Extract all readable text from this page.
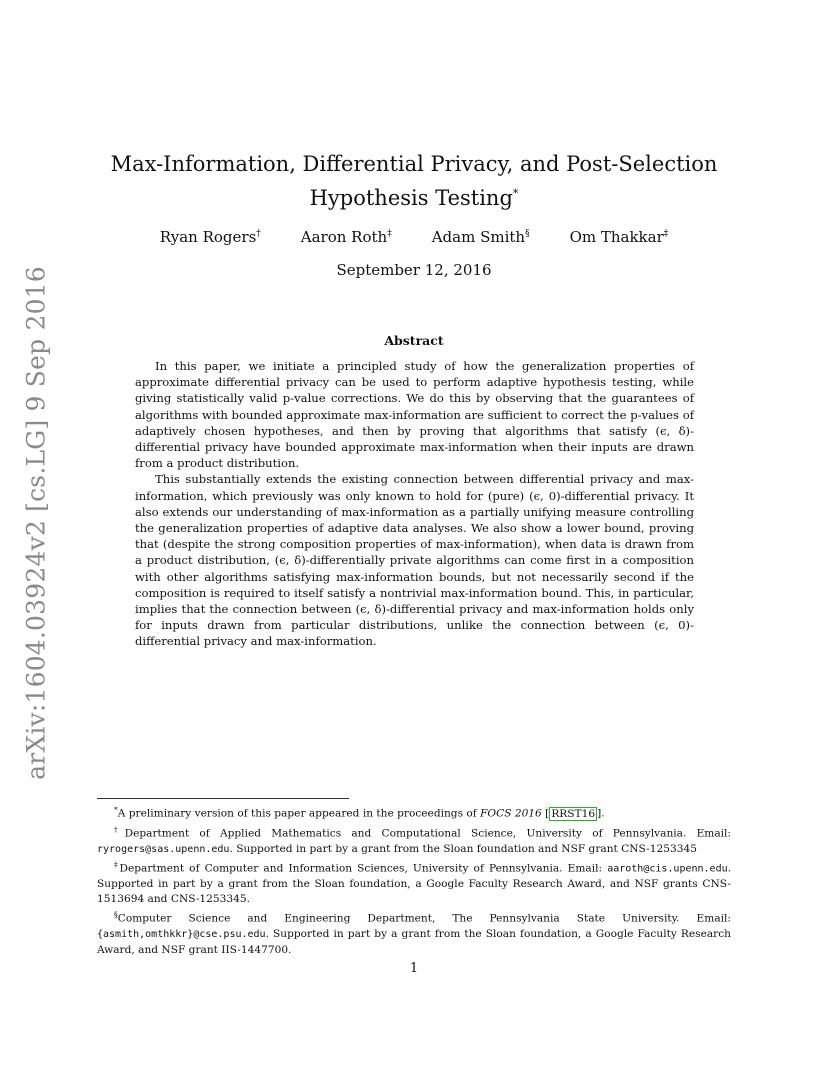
arXiv:1604.03924v2 [cs.LG] 9 Sep 2016
Max-Information, Differential Privacy, and Post-Selection
Hypothesis Testing*
Ryan Rogers†	Aaron Roth‡	Adam Smith§	Om Thakkar‡
September 12, 2016
Abstract

In this paper, we initiate a principled study of how the generalization properties of approximate differential privacy can be used to perform adaptive hypothesis testing, while giving statistically valid p-value corrections. We do this by observing that the guarantees of algorithms with bounded approximate max-information are sufficient to correct the p-values of adaptively chosen hypotheses, and then by proving that algorithms that satisfy (ϵ, δ)-differential privacy have bounded approximate max-information when their inputs are drawn from a product distribution.

This substantially extends the existing connection between differential privacy and max-information, which previously was only known to hold for (pure) (ϵ, 0)-differential privacy. It also extends our understanding of max-information as a partially unifying measure controlling the generalization properties of adaptive data analyses. We also show a lower bound, proving that (despite the strong composition properties of max-information), when data is drawn from a product distribution, (ϵ, δ)-differentially private algorithms can come first in a composition with other algorithms satisfying max-information bounds, but not necessarily second if the composition is required to itself satisfy a nontrivial max-information bound. This, in particular, implies that the connection between (ϵ, δ)-differential privacy and max-information holds only for inputs drawn from particular distributions, unlike the connection between (ϵ, 0)-differential privacy and max-information.

*A preliminary version of this paper appeared in the proceedings of FOCS 2016 [ RRST16 ].

†Department of Applied Mathematics and Computational Science, University of Pennsylvania. Email: ryrogers@sas.upenn.edu. Supported in part by a grant from the Sloan foundation and NSF grant CNS-1253345

‡Department of Computer and Information Sciences, University of Pennsylvania. Email: aaroth@cis.upenn.edu. Supported in part by a grant from the Sloan foundation, a Google Faculty Research Award, and NSF grants CNS-1513694 and CNS-1253345.

§Computer Science and Engineering Department, The Pennsylvania State University. Email: {asmith,omthkkr}@cse.psu.edu. Supported in part by a grant from the Sloan foundation, a Google Faculty Research Award, and NSF grant IIS-1447700.

1
